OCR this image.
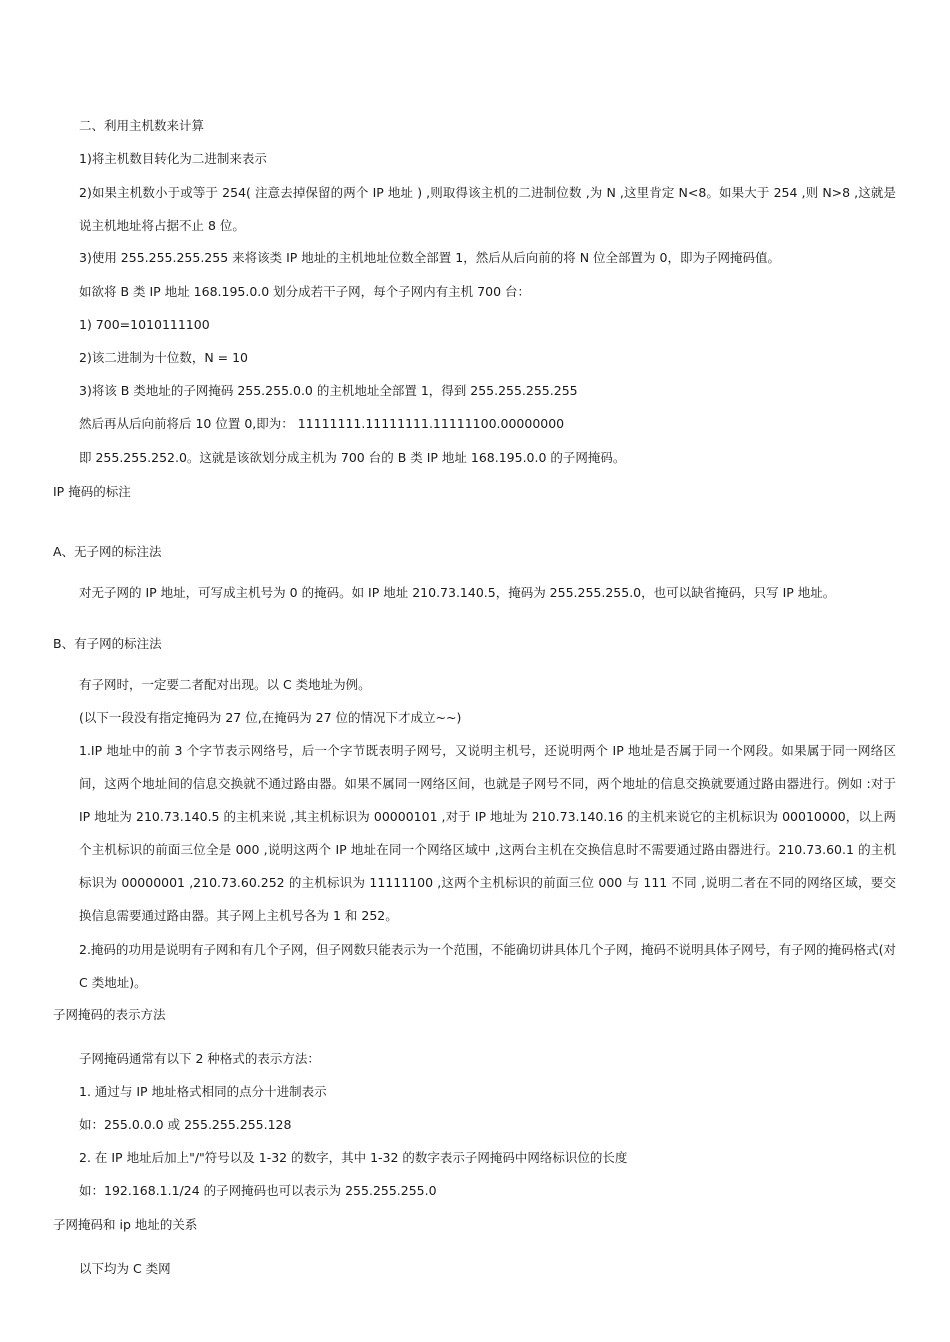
二、利用主机数来计算
1)将主机数目转化为二进制来表示
2)如果主机数小于或等于 254( 注意去掉保留的两个 IP 地址 ) ,则取得该主机的二进制位数 ,为 N ,这里肯定 N<8。如果大于 254 ,则 N>8 ,这就是说主机地址将占据不止 8 位。
3)使用 255.255.255.255 来将该类 IP 地址的主机地址位数全部置 1，然后从后向前的将 N 位全部置为 0，即为子网掩码值。
如欲将 B 类 IP 地址 168.195.0.0 划分成若干子网，每个子网内有主机 700 台：
1) 700=1010111100
2)该二进制为十位数，N = 10
3)将该 B 类地址的子网掩码 255.255.0.0 的主机地址全部置 1，得到 255.255.255.255
然后再从后向前将后 10 位置 0,即为： 11111111.11111111.11111100.00000000
即 255.255.252.0。这就是该欲划分成主机为 700 台的 B 类 IP 地址 168.195.0.0 的子网掩码。
IP 掩码的标注
A、无子网的标注法
对无子网的 IP 地址，可写成主机号为 0 的掩码。如 IP 地址 210.73.140.5，掩码为 255.255.255.0，也可以缺省掩码，只写 IP 地址。
B、有子网的标注法
有子网时，一定要二者配对出现。以 C 类地址为例。
(以下一段没有指定掩码为 27 位,在掩码为 27 位的情况下才成立~~)
1.IP 地址中的前 3 个字节表示网络号，后一个字节既表明子网号，又说明主机号，还说明两个 IP 地址是否属于同一个网段。如果属于同一网络区间，这两个地址间的信息交换就不通过路由器。如果不属同一网络区间，也就是子网号不同，两个地址的信息交换就要通过路由器进行。例如 :对于 IP 地址为 210.73.140.5 的主机来说 ,其主机标识为 00000101 ,对于 IP 地址为 210.73.140.16 的主机来说它的主机标识为 00010000，以上两个主机标识的前面三位全是 000 ,说明这两个 IP 地址在同一个网络区域中 ,这两台主机在交换信息时不需要通过路由器进行。210.73.60.1 的主机标识为 00000001 ,210.73.60.252 的主机标识为 11111100 ,这两个主机标识的前面三位 000 与 111 不同 ,说明二者在不同的网络区域，要交换信息需要通过路由器。其子网上主机号各为 1 和 252。
2.掩码的功用是说明有子网和有几个子网，但子网数只能表示为一个范围，不能确切讲具体几个子网，掩码不说明具体子网号，有子网的掩码格式(对 C 类地址)。
子网掩码的表示方法
子网掩码通常有以下 2 种格式的表示方法：
1. 通过与 IP 地址格式相同的点分十进制表示
如：255.0.0.0 或 255.255.255.128
2. 在 IP 地址后加上"/"符号以及 1-32 的数字，其中 1-32 的数字表示子网掩码中网络标识位的长度
如：192.168.1.1/24 的子网掩码也可以表示为 255.255.255.0
子网掩码和 ip 地址的关系
以下均为 C 类网
